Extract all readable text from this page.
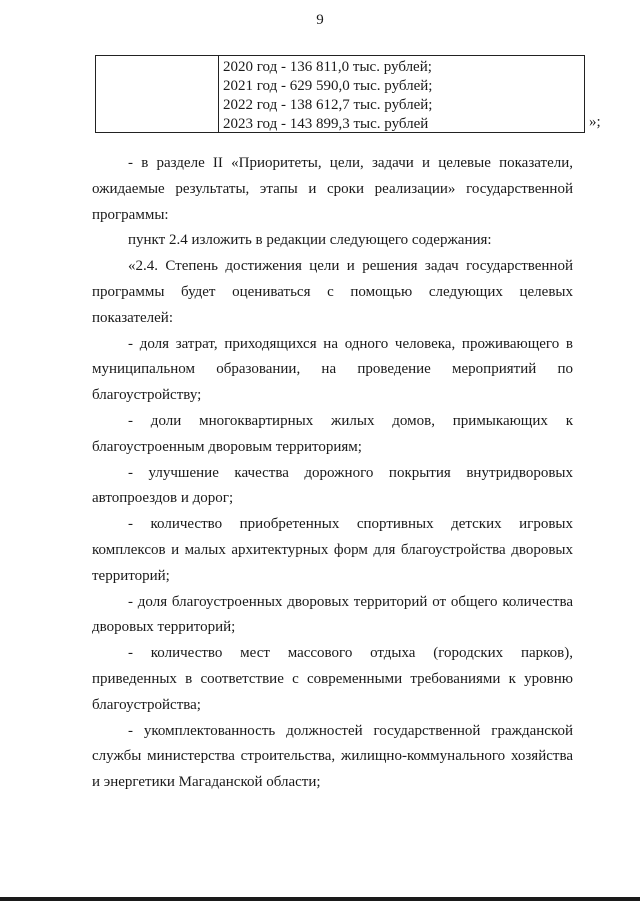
9
2020 год - 136 811,0 тыс. рублей;
2021 год - 629 590,0 тыс. рублей;
2022 год - 138 612,7 тыс. рублей;
2023 год - 143 899,3 тыс. рублей	»;
- в разделе II «Приоритеты, цели, задачи и целевые показатели, ожидаемые результаты, этапы и сроки реализации» государственной программы:
пункт 2.4 изложить в редакции следующего содержания:
«2.4. Степень достижения цели и решения задач государственной программы будет оцениваться с помощью следующих целевых показателей:
- доля затрат, приходящихся на одного человека, проживающего в муниципальном образовании, на проведение мероприятий по благоустройству;
- доли многоквартирных жилых домов, примыкающих к благоустроенным дворовым территориям;
- улучшение качества дорожного покрытия внутридворовых автопроездов и дорог;
- количество приобретенных спортивных детских игровых комплексов и малых архитектурных форм для благоустройства дворовых территорий;
- доля благоустроенных дворовых территорий от общего количества дворовых территорий;
- количество мест массового отдыха (городских парков), приведенных в соответствие с современными требованиями к уровню благоустройства;
- укомплектованность должностей государственной гражданской службы министерства строительства, жилищно-коммунального хозяйства и энергетики Магаданской области;
